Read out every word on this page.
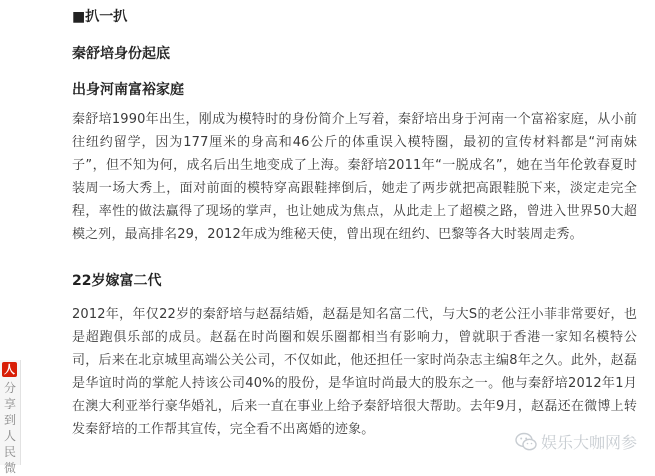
■扒一扒
秦舒培身份起底
出身河南富裕家庭
秦舒培1990年出生，刚成为模特时的身份简介上写着，秦舒培出身于河南一个富裕家庭，从小前往纽约留学，因为177厘米的身高和46公斤的体重误入模特圈，最初的宣传材料都是“河南妹子”，但不知为何，成名后出生地变成了上海。秦舒培2011年“一脱成名”，她在当年伦敦春夏时装周一场大秀上，面对前面的模特穿高跟鞋摔倒后，她走了两步就把高跟鞋脱下来，淡定走完全程，率性的做法赢得了现场的掌声，也让她成为焦点，从此走上了超模之路，曾进入世界50大超模之列，最高排名29，2012年成为维秘天使，曾出现在纽约、巴黎等各大时装周走秀。
22岁嫁富二代
2012年，年仅22岁的秦舒培与赵磊结婚，赵磊是知名富二代，与大S的老公汪小菲非常要好，也是超跑俱乐部的成员。赵磊在时尚圈和娱乐圈都相当有影响力，曾就职于香港一家知名模特公司，后来在北京城里高端公关公司，不仅如此，他还担任一家时尚杂志主编8年之久。此外，赵磊是华谊时尚的掌舵人持该公司40%的股份，是华谊时尚最大的股东之一。他与秦舒培2012年1月在澳大利亚举行豪华婚礼，后来一直在事业上给予秦舒培很大帮助。去年9月，赵磊还在微博上转发秦舒培的工作帮其宣传，完全看不出离婚的迹象。
人
分享到人民微
娱乐大咖网参
